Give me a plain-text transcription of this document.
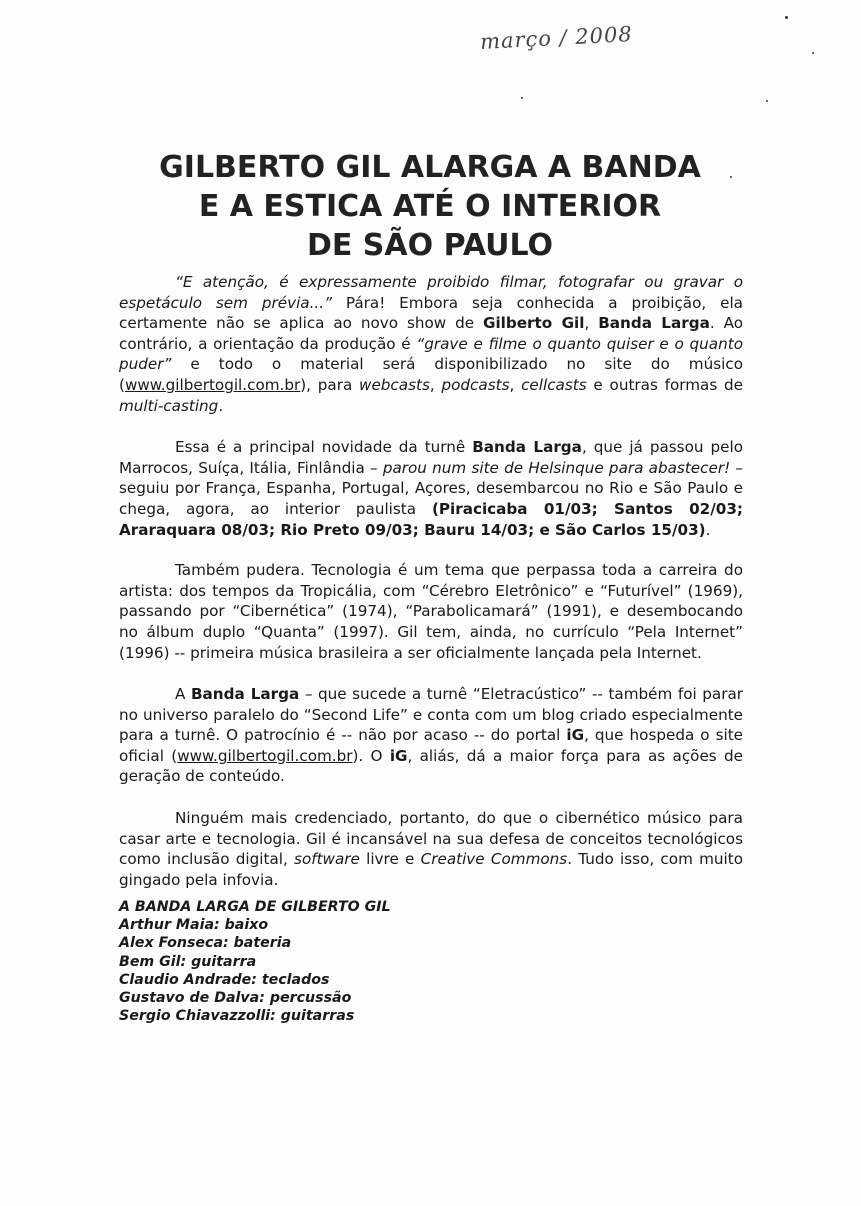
março / 2008
GILBERTO GIL ALARGA A BANDA
E A ESTICA ATÉ O INTERIOR
DE SÃO PAULO

“E atenção, é expressamente proibido filmar, fotografar ou gravar o espetáculo sem prévia...” Pára! Embora seja conhecida a proibição, ela certamente não se aplica ao novo show de Gilberto Gil, Banda Larga. Ao contrário, a orientação da produção é “grave e filme o quanto quiser e o quanto puder” e todo o material será disponibilizado no site do músico (www.gilbertogil.com.br), para webcasts, podcasts, cellcasts e outras formas de multi-casting.

Essa é a principal novidade da turnê Banda Larga, que já passou pelo Marrocos, Suíça, Itália, Finlândia – parou num site de Helsinque para abastecer! – seguiu por França, Espanha, Portugal, Açores, desembarcou no Rio e São Paulo e chega, agora, ao interior paulista (Piracicaba 01/03; Santos 02/03; Araraquara 08/03; Rio Preto 09/03; Bauru 14/03; e São Carlos 15/03).

Também pudera. Tecnologia é um tema que perpassa toda a carreira do artista: dos tempos da Tropicália, com “Cérebro Eletrônico” e “Futurível” (1969), passando por “Cibernética” (1974), “Parabolicamará” (1991), e desembocando no álbum duplo “Quanta” (1997). Gil tem, ainda, no currículo “Pela Internet” (1996) -- primeira música brasileira a ser oficialmente lançada pela Internet.

A Banda Larga – que sucede a turnê “Eletracústico” -- também foi parar no universo paralelo do “Second Life” e conta com um blog criado especialmente para a turnê. O patrocínio é -- não por acaso -- do portal iG, que hospeda o site oficial (www.gilbertogil.com.br). O iG, aliás, dá a maior força para as ações de geração de conteúdo.

Ninguém mais credenciado, portanto, do que o cibernético músico para casar arte e tecnologia. Gil é incansável na sua defesa de conceitos tecnológicos como inclusão digital, software livre e Creative Commons. Tudo isso, com muito gingado pela infovia.

A BANDA LARGA DE GILBERTO GIL
Arthur Maia: baixo
Alex Fonseca: bateria
Bem Gil: guitarra
Claudio Andrade: teclados
Gustavo de Dalva: percussão
Sergio Chiavazzolli: guitarras
